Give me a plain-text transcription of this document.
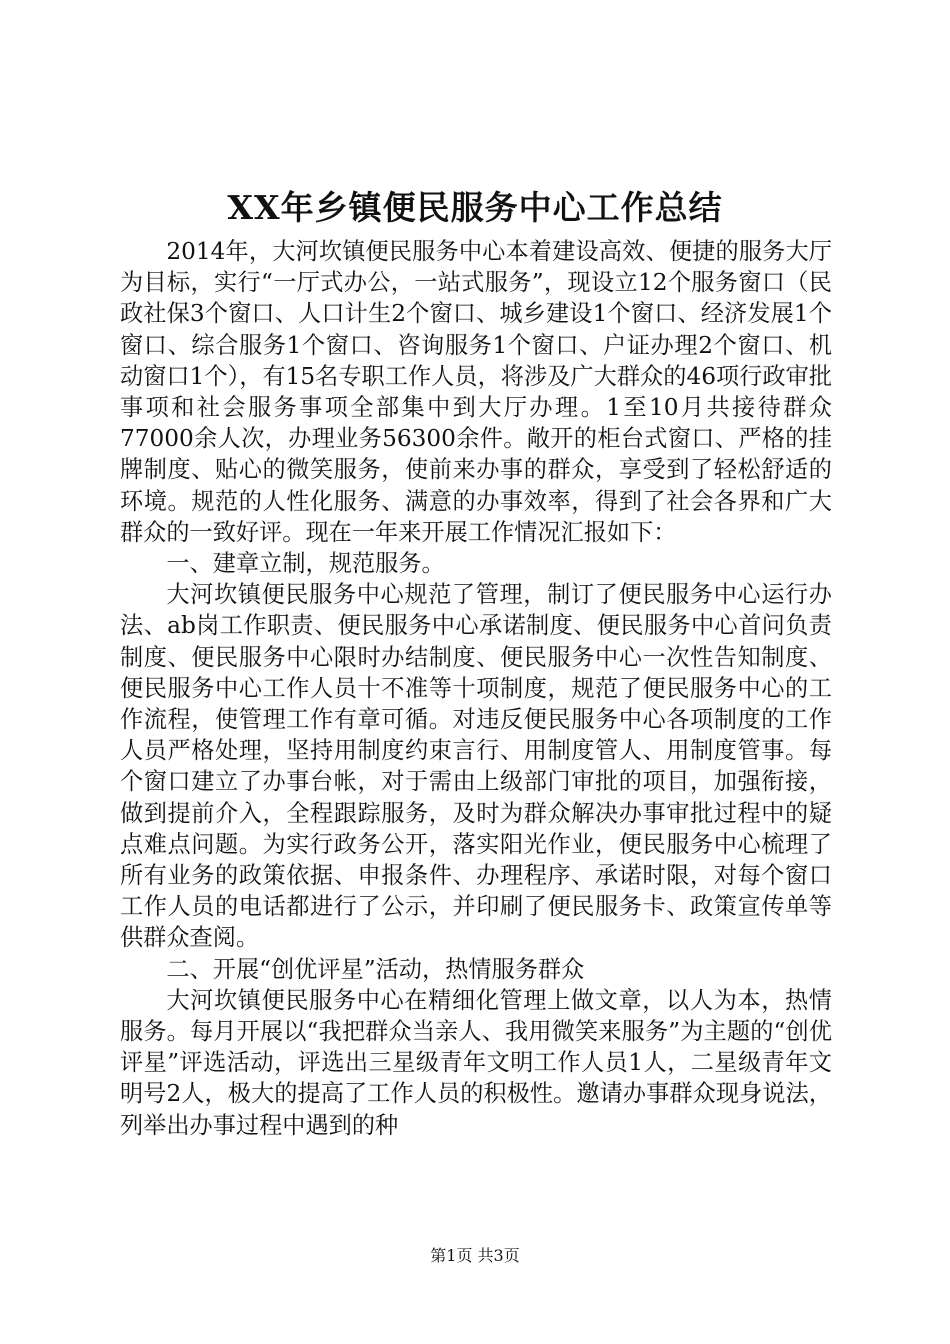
XX年乡镇便民服务中心工作总结

2014年，大河坎镇便民服务中心本着建设高效、便捷的服务大厅为目标，实行“一厅式办公，一站式服务”，现设立12个服务窗口（民政社保3个窗口、人口计生2个窗口、城乡建设1个窗口、经济发展1个窗口、综合服务1个窗口、咨询服务1个窗口、户证办理2个窗口、机动窗口1个），有15名专职工作人员，将涉及广大群众的46项行政审批事项和社会服务事项全部集中到大厅办理。1至10月共接待群众77000余人次，办理业务56300余件。敞开的柜台式窗口、严格的挂牌制度、贴心的微笑服务，使前来办事的群众，享受到了轻松舒适的环境。规范的人性化服务、满意的办事效率，得到了社会各界和广大群众的一致好评。现在一年来开展工作情况汇报如下：

一、建章立制，规范服务。

大河坎镇便民服务中心规范了管理，制订了便民服务中心运行办法、ab岗工作职责、便民服务中心承诺制度、便民服务中心首问负责制度、便民服务中心限时办结制度、便民服务中心一次性告知制度、便民服务中心工作人员十不准等十项制度，规范了便民服务中心的工作流程，使管理工作有章可循。对违反便民服务中心各项制度的工作人员严格处理，坚持用制度约束言行、用制度管人、用制度管事。每个窗口建立了办事台帐，对于需由上级部门审批的项目，加强衔接，做到提前介入，全程跟踪服务，及时为群众解决办事审批过程中的疑点难点问题。为实行政务公开，落实阳光作业，便民服务中心梳理了所有业务的政策依据、申报条件、办理程序、承诺时限，对每个窗口工作人员的电话都进行了公示，并印刷了便民服务卡、政策宣传单等供群众查阅。

二、开展“创优评星”活动，热情服务群众

大河坎镇便民服务中心在精细化管理上做文章，以人为本，热情服务。每月开展以“我把群众当亲人、我用微笑来服务”为主题的“创优评星”评选活动，评选出三星级青年文明工作人员1人，二星级青年文明号2人，极大的提高了工作人员的积极性。邀请办事群众现身说法，列举出办事过程中遇到的种

第1页 共3页
